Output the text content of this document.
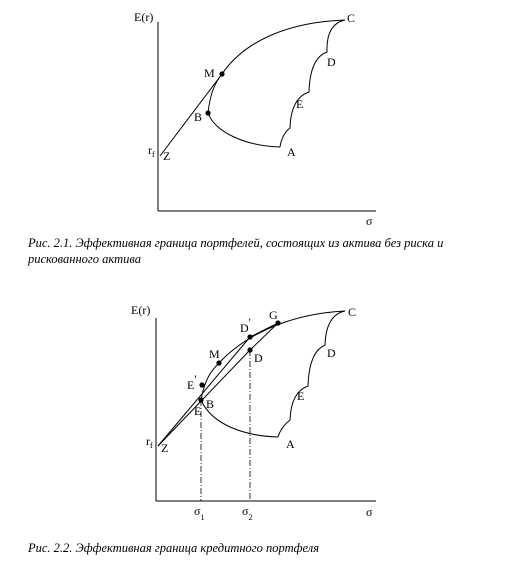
E(r)
σ
$r_f$ Z
M
B
A
C
D
E
E(r)
σ
$r_f$ Z
E'
B
E
M
D'
D
G	C
D
E
A
$\sigma_1$	$\sigma_2$
Рис. 2.1. Эффективная граница портфелей, состоящих из актива без риска и рискованного актива
Рис. 2.2. Эффективная граница кредитного портфеля
